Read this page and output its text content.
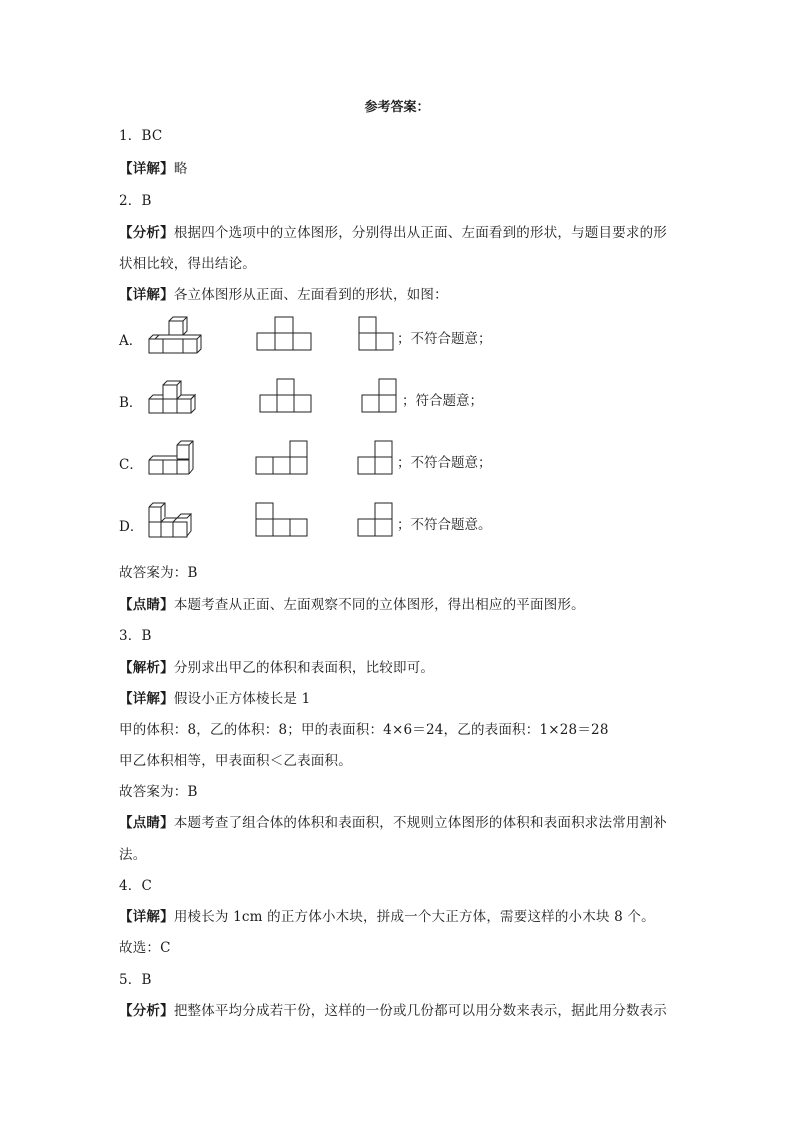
参考答案：
1．BC
【详解】略
2．B
【分析】根据四个选项中的立体图形，分别得出从正面、左面看到的形状，与题目要求的形
状相比较，得出结论。
【详解】各立体图形从正面、左面看到的形状，如图：
A．	；不符合题意；
B．	；符合题意；
C．	；不符合题意；
D．	；不符合题意。
故答案为：B
【点睛】本题考查从正面、左面观察不同的立体图形，得出相应的平面图形。
3．B
【解析】分别求出甲乙的体积和表面积，比较即可。
【详解】假设小正方体棱长是 1
甲的体积：8，乙的体积：8；甲的表面积：4×6＝24，乙的表面积：1×28＝28
甲乙体积相等，甲表面积＜乙表面积。
故答案为：B
【点睛】本题考查了组合体的体积和表面积，不规则立体图形的体积和表面积求法常用割补
法。
4．C
【详解】用棱长为 1cm 的正方体小木块，拼成一个大正方体，需要这样的小木块 8 个。
故选：C
5．B
【分析】把整体平均分成若干份，这样的一份或几份都可以用分数来表示，据此用分数表示
